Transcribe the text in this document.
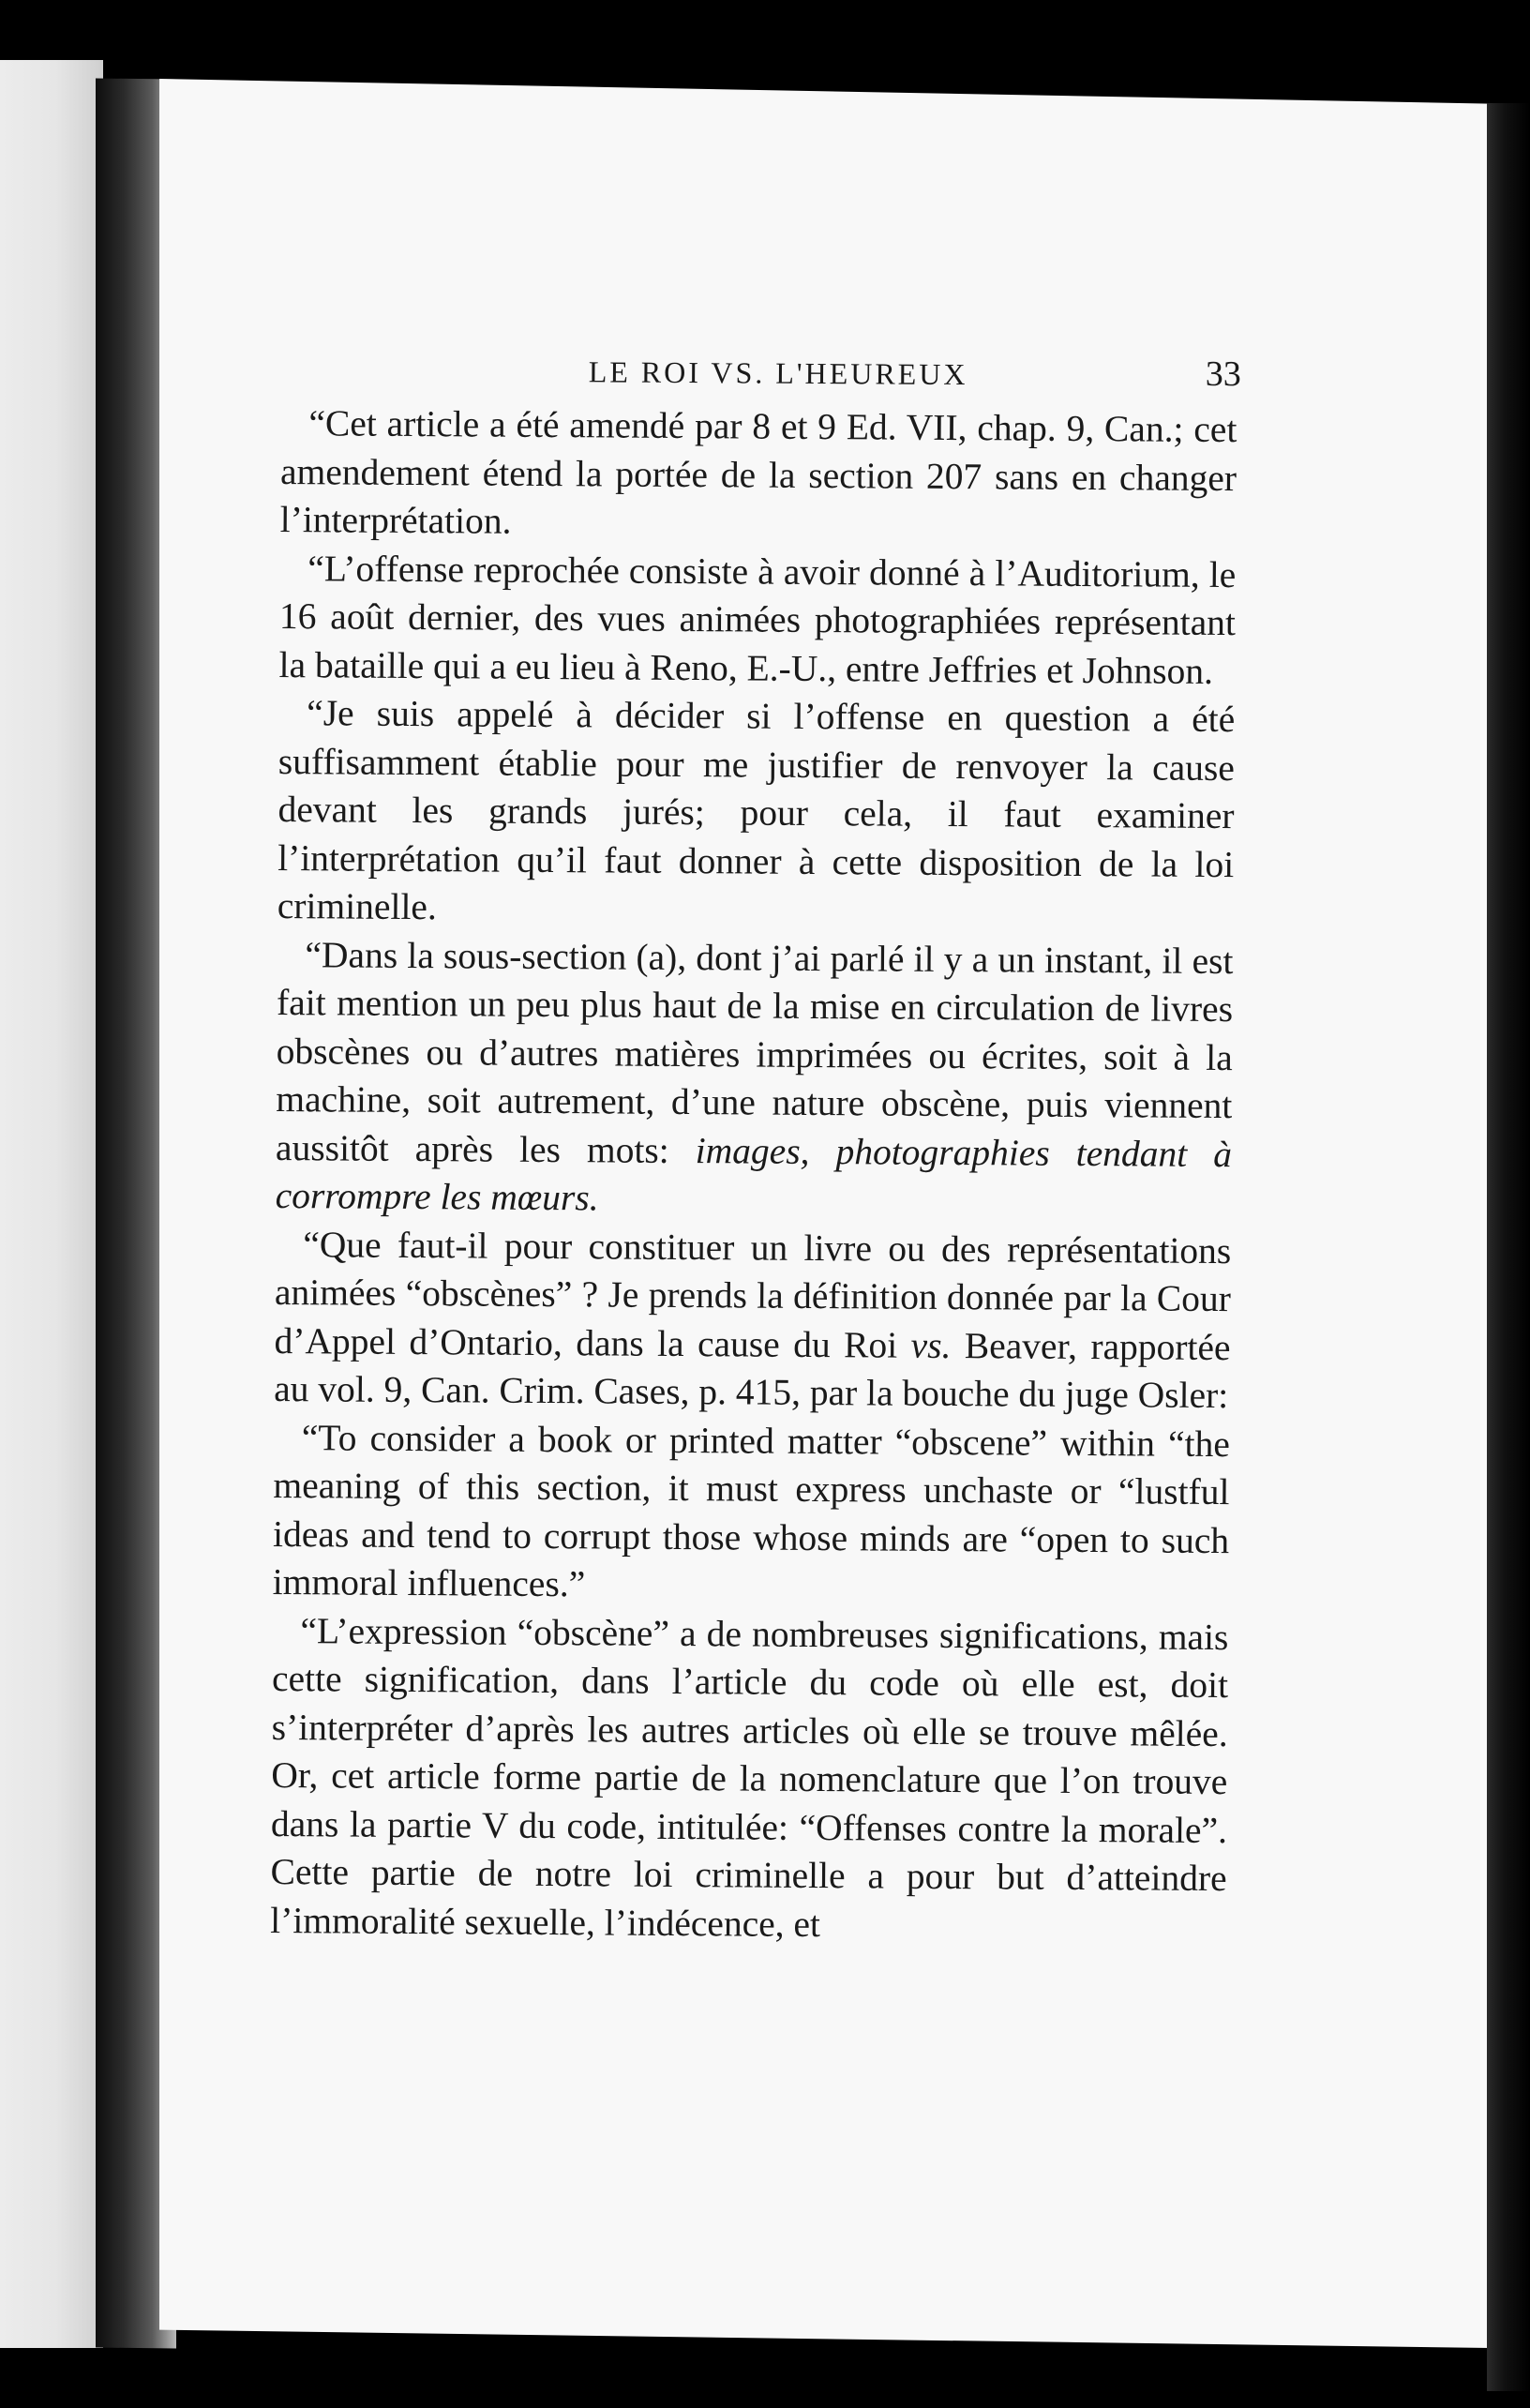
LE ROI VS. L'HEUREUX	33

“Cet article a été amendé par 8 et 9 Ed. VII, chap. 9, Can.; cet amendement étend la portée de la section 207 sans en changer l’interprétation.

“L’offense reprochée consiste à avoir donné à l’Auditorium, le 16 août dernier, des vues animées photographiées représentant la bataille qui a eu lieu à Reno, E.-U., entre Jeffries et Johnson.

“Je suis appelé à décider si l’offense en question a été suffisamment établie pour me justifier de renvoyer la cause devant les grands jurés; pour cela, il faut examiner l’interprétation qu’il faut donner à cette disposition de la loi criminelle.

“Dans la sous-section (a), dont j’ai parlé il y a un instant, il est fait mention un peu plus haut de la mise en circulation de livres obscènes ou d’autres matières imprimées ou écrites, soit à la machine, soit autrement, d’une nature obscène, puis viennent aussitôt après les mots: images, photographies tendant à corrompre les mœurs.

“Que faut-il pour constituer un livre ou des représentations animées “obscènes” ? Je prends la définition donnée par la Cour d’Appel d’Ontario, dans la cause du Roi vs. Beaver, rapportée au vol. 9, Can. Crim. Cases, p. 415, par la bouche du juge Osler:

“To consider a book or printed matter “obscene” within “the meaning of this section, it must express unchaste or “lustful ideas and tend to corrupt those whose minds are “open to such immoral influences.”

“L’expression “obscène” a de nombreuses significations, mais cette signification, dans l’article du code où elle est, doit s’interpréter d’après les autres articles où elle se trouve mêlée. Or, cet article forme partie de la nomenclature que l’on trouve dans la partie V du code, intitulée: “Offenses contre la morale”. Cette partie de notre loi criminelle a pour but d’atteindre l’immoralité sexuelle, l’indécence, et
